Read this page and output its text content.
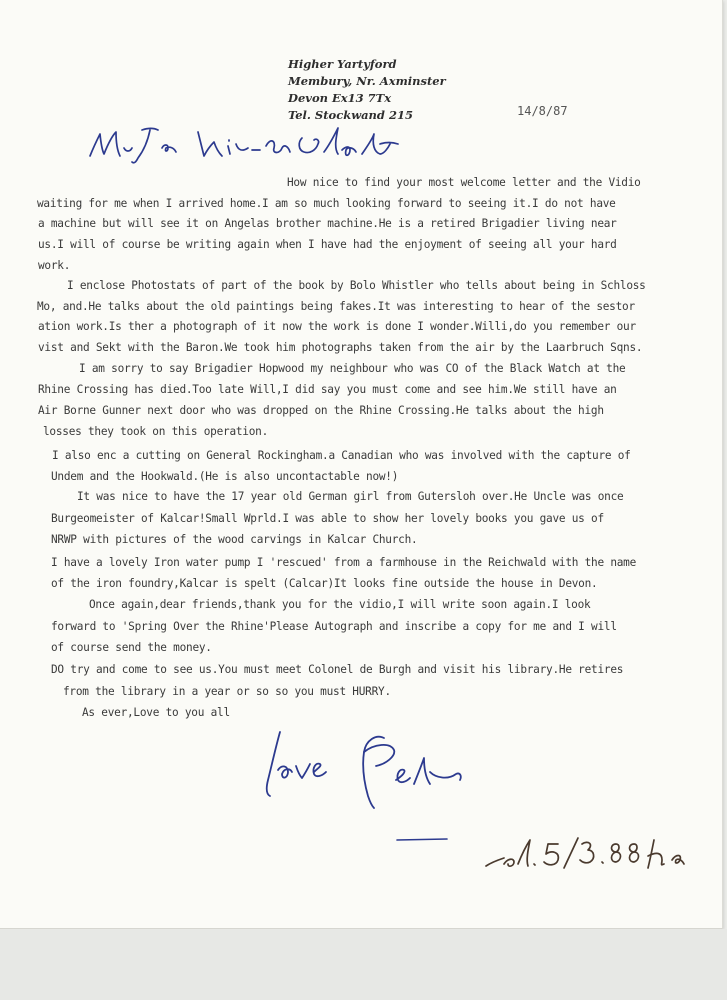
Higher Yartyford
Membury, Nr. Axminster
Devon Ex13 7Tx
Tel. Stockwand 215	14/8/87
My Dear Willi & Elfriede
How nice to find your most welcome letter and the Vidio
waiting for me when I arrived home.I am so much looking forward to seeing it.I do not have
a machine but will see it on Angelas brother machine.He is a retired Brigadier living near
us.I will of course be writing again when I have had the enjoyment of seeing all your hard
work.
I enclose Photostats of part of the book by Bolo Whistler who tells about being in Schloss
Mo, and.He talks about the old paintings being fakes.It was interesting to hear of the sestor
ation work.Is ther a photograph of it now the work is done I wonder.Willi,do you remember our
vist and Sekt with the Baron.We took him photographs taken from the air by the Laarbruch Sqns.
I am sorry to say Brigadier Hopwood my neighbour who was CO of the Black Watch at the
Rhine Crossing has died.Too late Will,I did say you must come and see him.We still have an
Air Borne Gunner next door who was dropped on the Rhine Crossing.He talks about the high
losses they took on this operation.
I also enc a cutting on General Rockingham.a Canadian who was involved with the capture of
Undem and the Hookwald.(He is also uncontactable now!)
It was nice to have the 17 year old German girl from Gutersloh over.He Uncle was once
Burgeomeister of Kalcar!Small Wprld.I was able to show her lovely books you gave us of
NRWP with pictures of the wood carvings in Kalcar Church.
I have a lovely Iron water pump I 'rescued' from a farmhouse in the Reichwald with the name
of the iron foundry,Kalcar is spelt (Calcar)It looks fine outside the house in Devon.
Once again,dear friends,thank you for the vidio,I will write soon again.I look
forward to 'Spring Over the Rhine'Please Autograph and inscribe a copy for me and I will
of course send the money.
DO try and come to see us.You must meet Colonel de Burgh and visit his library.He retires
from the library in a year or so so you must HURRY.
As ever,Love to you all
Love Peter
ed. 5/3.88 Ha
